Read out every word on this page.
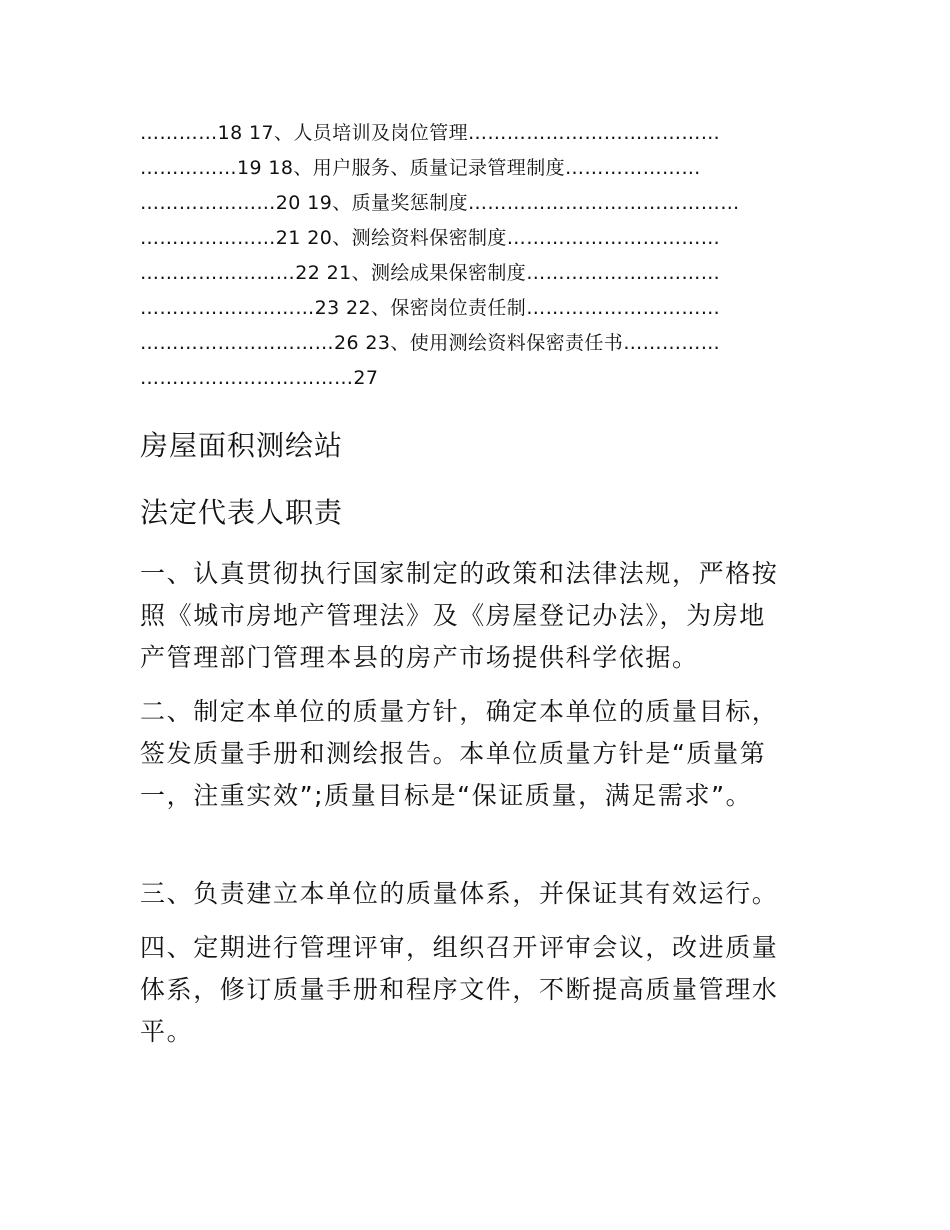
…………18 17、人员培训及岗位管理…………………………………
……………19 18、用户服务、质量记录管理制度…………………
…………………20 19、质量奖惩制度……………………………………
…………………21 20、测绘资料保密制度……………………………
……………………22 21、测绘成果保密制度…………………………
………………………23 22、保密岗位责任制…………………………
…………………………26 23、使用测绘资料保密责任书……………
……………………………27
房屋面积测绘站
法定代表人职责
一、认真贯彻执行国家制定的政策和法律法规，严格按
照《城市房地产管理法》及《房屋登记办法》，为房地
产管理部门管理本县的房产市场提供科学依据。
二、制定本单位的质量方针，确定本单位的质量目标，
签发质量手册和测绘报告。本单位质量方针是“质量第
一，注重实效”;质量目标是“保证质量，满足需求”。
三、负责建立本单位的质量体系，并保证其有效运行。
四、定期进行管理评审，组织召开评审会议，改进质量
体系，修订质量手册和程序文件，不断提高质量管理水
平。
